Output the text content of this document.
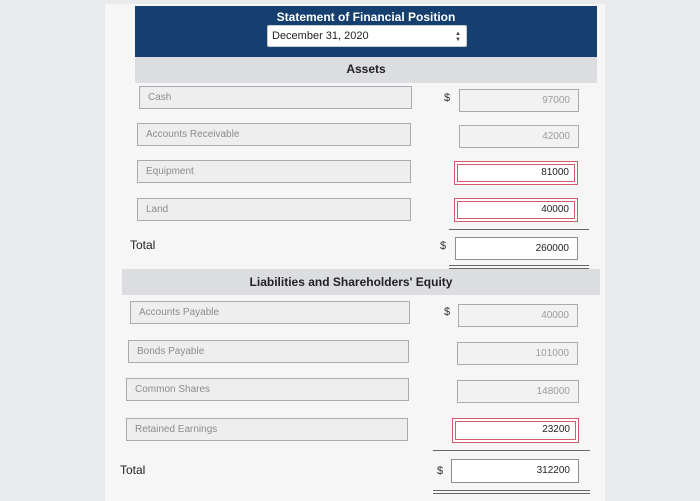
Statement of Financial Position
December 31, 2020	▲
▼
Assets
Cash	$	97000
Accounts Receivable	42000
Equipment	81000
Land	40000
Total	$	260000
Liabilities and Shareholders' Equity
Accounts Payable	$	40000
Bonds Payable	101000
Common Shares	148000
Retained Earnings	23200
Total	$	312200
